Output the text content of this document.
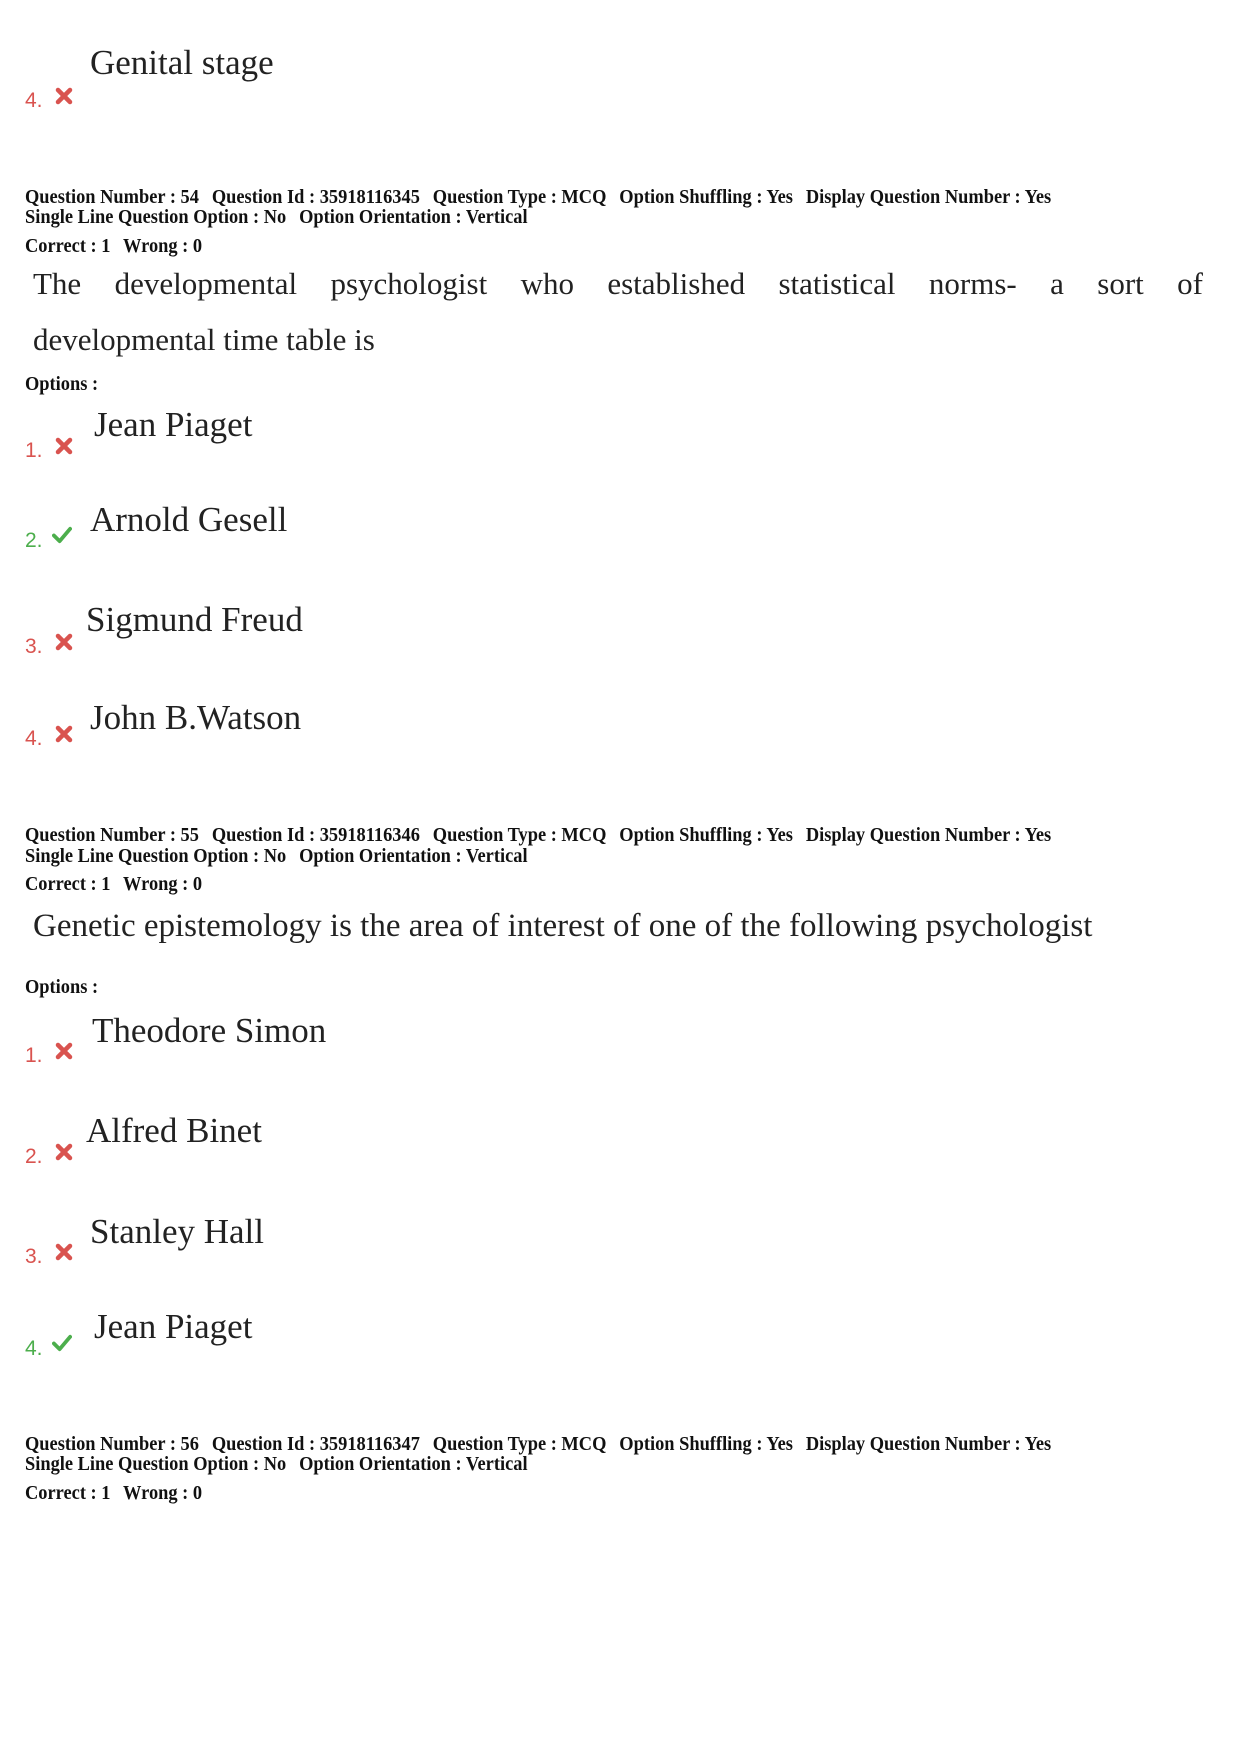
4.
Genital stage
Question Number : 54 Question Id : 35918116345 Question Type : MCQ Option Shuffling : Yes Display Question Number : Yes
Single Line Question Option : No Option Orientation : Vertical
Correct : 1 Wrong : 0
The developmental psychologist who established statistical norms- a sort of
developmental time table is
Options :
1.
Jean Piaget
2.
Arnold Gesell
3.
Sigmund Freud
4.
John B.Watson
Question Number : 55 Question Id : 35918116346 Question Type : MCQ Option Shuffling : Yes Display Question Number : Yes
Single Line Question Option : No Option Orientation : Vertical
Correct : 1 Wrong : 0
Genetic epistemology is the area of interest of one of the following psychologist
Options :
1.
Theodore Simon
2.
Alfred Binet
3.
Stanley Hall
4.
Jean Piaget
Question Number : 56 Question Id : 35918116347 Question Type : MCQ Option Shuffling : Yes Display Question Number : Yes
Single Line Question Option : No Option Orientation : Vertical
Correct : 1 Wrong : 0
